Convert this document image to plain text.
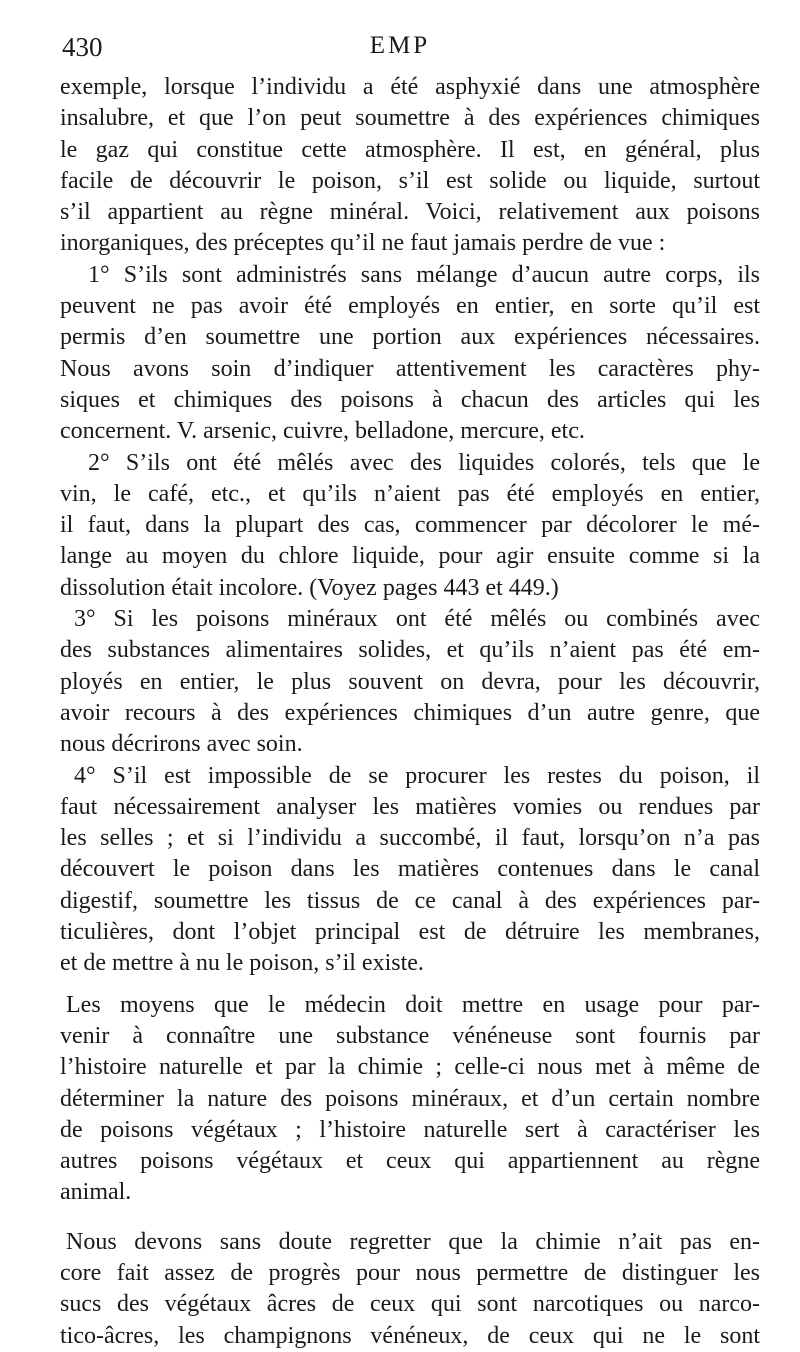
430	EMP
exemple, lorsque l’individu a été asphyxié dans une atmosphère
insalubre, et que l’on peut soumettre à des expériences chimiques
le gaz qui constitue cette atmosphère. Il est, en général, plus
facile de découvrir le poison, s’il est solide ou liquide, surtout
s’il appartient au règne minéral. Voici, relativement aux poisons
inorganiques, des préceptes qu’il ne faut jamais perdre de vue :
1° S’ils sont administrés sans mélange d’aucun autre corps, ils
peuvent ne pas avoir été employés en entier, en sorte qu’il est
permis d’en soumettre une portion aux expériences nécessaires.
Nous avons soin d’indiquer attentivement les caractères phy-
siques et chimiques des poisons à chacun des articles qui les
concernent. V. arsenic, cuivre, belladone, mercure, etc.
2° S’ils ont été mêlés avec des liquides colorés, tels que le
vin, le café, etc., et qu’ils n’aient pas été employés en entier,
il faut, dans la plupart des cas, commencer par décolorer le mé-
lange au moyen du chlore liquide, pour agir ensuite comme si la
dissolution était incolore. (Voyez pages 443 et 449.)
3° Si les poisons minéraux ont été mêlés ou combinés avec
des substances alimentaires solides, et qu’ils n’aient pas été em-
ployés en entier, le plus souvent on devra, pour les découvrir,
avoir recours à des expériences chimiques d’un autre genre, que
nous décrirons avec soin.
4° S’il est impossible de se procurer les restes du poison, il
faut nécessairement analyser les matières vomies ou rendues par
les selles ; et si l’individu a succombé, il faut, lorsqu’on n’a pas
découvert le poison dans les matières contenues dans le canal
digestif, soumettre les tissus de ce canal à des expériences par-
ticulières, dont l’objet principal est de détruire les membranes,
et de mettre à nu le poison, s’il existe.
Les moyens que le médecin doit mettre en usage pour par-
venir à connaître une substance vénéneuse sont fournis par
l’histoire naturelle et par la chimie ; celle-ci nous met à même de
déterminer la nature des poisons minéraux, et d’un certain nombre
de poisons végétaux ; l’histoire naturelle sert à caractériser les
autres poisons végétaux et ceux qui appartiennent au règne
animal.
Nous devons sans doute regretter que la chimie n’ait pas en-
core fait assez de progrès pour nous permettre de distinguer les
sucs des végétaux âcres de ceux qui sont narcotiques ou narco-
tico-âcres, les champignons vénéneux, de ceux qui ne le sont
